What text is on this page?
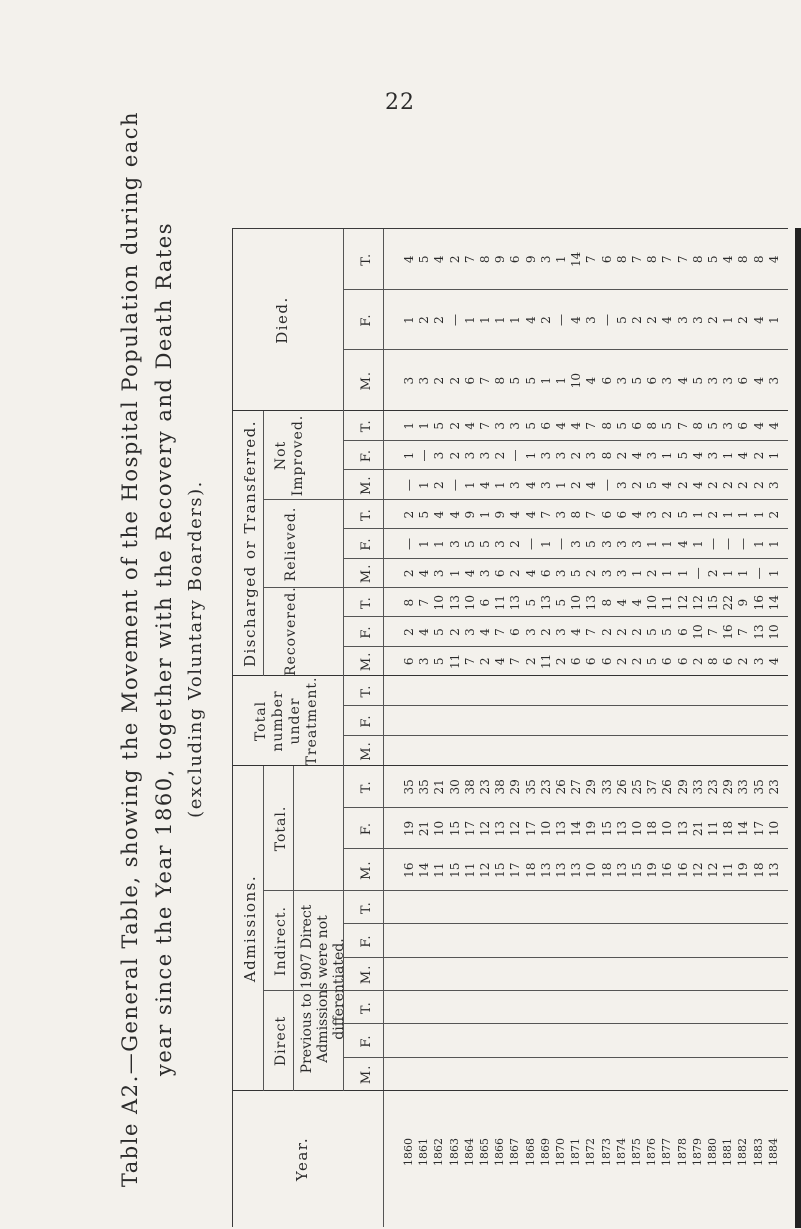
22
Table A2.—General Table, showing the Movement of the Hospital Population during each year since the Year 1860, together with the Recovery and Death Rates (excluding Voluntary Boarders).
Year.
Admissions.
Direct
Indirect.
Total.
Previous to 1907 Direct Admissions were not differentiated.
Total number under Treatment.
Discharged or Transferred. Recovered.
Relieved.
Not Improved.
Died.
M.
F.
T.
M.
F.
T.
M. 16 14 11 15 11 12 15 17 18 13 13 13 10 18 13 15 19 16 16 12 12 11 19 18 13
F. 19 21 10 15 17 12 13 12 17 10 13 14 19 15 13 10 18 10 13 21 11 18 14 17 10
T. 35 35 21 30 38 23 38 29 35 23 26 27 29 33 26 25 37 26 29 33 23 29 33 35 23
M.
F.
T.
M. 6 3 5 11 7 2 4 7 2 11 2 6 6 6 2 2 5 6 6 2 8 6 2 3 4
F. 2 4 5 2 3 4 7 6 3 2 3 4 7 2 2 2 5 5 6 10 7 16 7 13 10
T. 8 7 10 13 10 6 11 13 5 13 5 10 13 8 4 4 10 11 12 12 15 22 9 16 14
M. 2 4 3 1 4 3 6 2 4 6 3 5 2 3 3 1 2 1 1 — 2 1 1 — 1
F. — 1 1 3 5 5 3 2 — 1 — 3 5 3 3 3 1 1 4 1 — — — 1 1
T. 2 5 4 4 9 1 9 4 4 7 3 8 7 6 6 4 3 2 5 1 2 1 1 1 2
M. — 1 2 — 1 4 1 3 4 3 1 2 4 — 3 2 5 4 2 4 2 2 2 2 3
F. 1 — 3 2 3 3 2 — 1 3 3 2 3 8 2 4 3 1 5 4 3 1 4 2 1
T. 1 1 5 2 4 7 3 3 5 6 4 4 7 8 5 6 8 5 7 8 5 3 6 4 4
M. 3 3 2 2 6 7 8 5 5 1 1 10 4 6 3 5 6 3 4 5 3 3 6 4 3
F. 1 2 2 — 1 1 1 1 4 2 — 4 3 — 5 2 2 4 3 3 2 1 2 4 1
T. 4 5 4 2 7 8 9 6 9 3 1 14 7 6 8 7 8 7 7 8 5 4 8 8 4
1860 1861 1862 1863 1864 1865 1866 1867 1868 1869 1870 1871 1872 1873 1874 1875 1876 1877 1878 1879 1880 1881 1882 1883 1884
